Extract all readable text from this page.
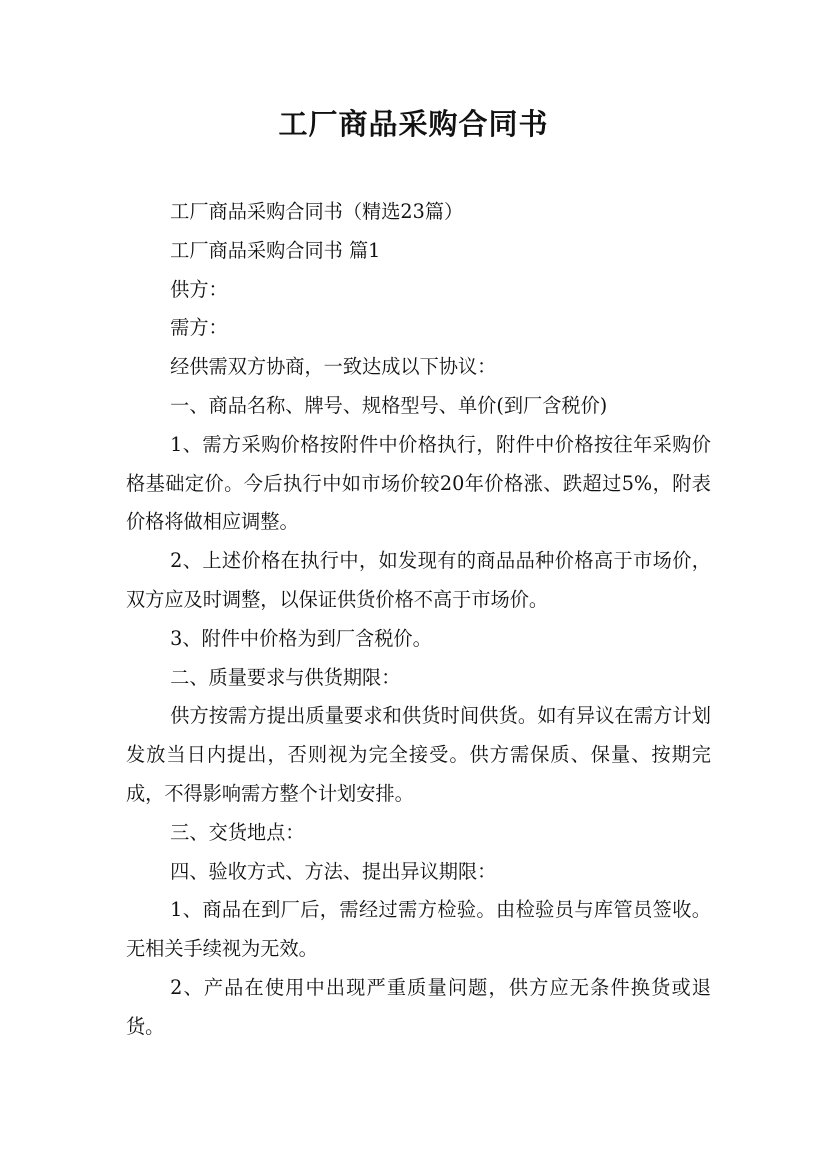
工厂商品采购合同书

工厂商品采购合同书（精选23篇）

工厂商品采购合同书 篇1

供方：

需方：

经供需双方协商，一致达成以下协议：

一、商品名称、牌号、规格型号、单价(到厂含税价)

1、需方采购价格按附件中价格执行，附件中价格按往年采购价格基础定价。今后执行中如市场价较20年价格涨、跌超过5%，附表价格将做相应调整。

2、上述价格在执行中，如发现有的商品品种价格高于市场价，双方应及时调整，以保证供货价格不高于市场价。

3、附件中价格为到厂含税价。

二、质量要求与供货期限：

供方按需方提出质量要求和供货时间供货。如有异议在需方计划发放当日内提出，否则视为完全接受。供方需保质、保量、按期完成，不得影响需方整个计划安排。

三、交货地点：

四、验收方式、方法、提出异议期限：

1、商品在到厂后，需经过需方检验。由检验员与库管员签收。无相关手续视为无效。

2、产品在使用中出现严重质量问题，供方应无条件换货或退货。
